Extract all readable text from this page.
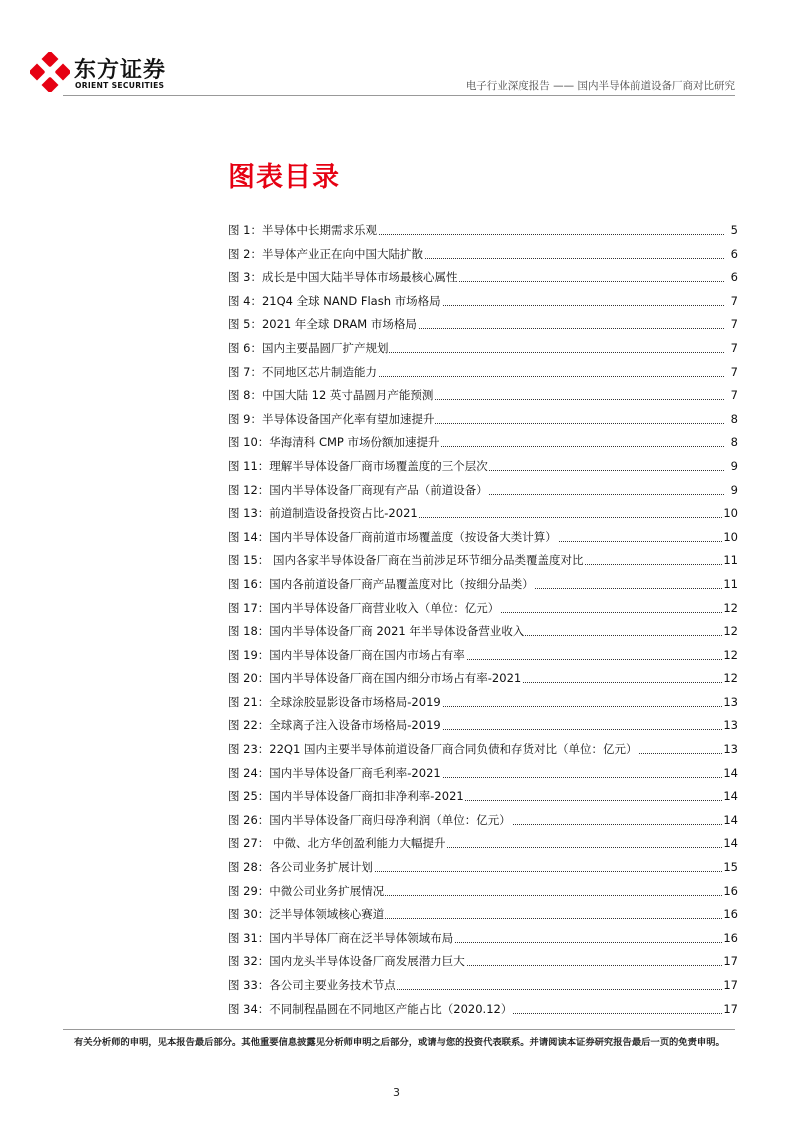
东方证券
ORIENT SECURITIES	电子行业深度报告 —— 国内半导体前道设备厂商对比研究
图表目录
图 1：半导体中长期需求乐观	5
图 2：半导体产业正在向中国大陆扩散	6
图 3：成长是中国大陆半导体市场最核心属性	6
图 4：21Q4 全球 NAND Flash 市场格局	7
图 5：2021 年全球 DRAM 市场格局	7
图 6：国内主要晶圆厂扩产规划	7
图 7：不同地区芯片制造能力	7
图 8：中国大陆 12 英寸晶圆月产能预测	7
图 9：半导体设备国产化率有望加速提升	8
图 10：华海清科 CMP 市场份额加速提升	8
图 11：理解半导体设备厂商市场覆盖度的三个层次	9
图 12：国内半导体设备厂商现有产品（前道设备）	9
图 13：前道制造设备投资占比-2021	10
图 14：国内半导体设备厂商前道市场覆盖度（按设备大类计算）	10
图 15： 国内各家半导体设备厂商在当前涉足环节细分品类覆盖度对比	11
图 16：国内各前道设备厂商产品覆盖度对比（按细分品类）	11
图 17：国内半导体设备厂商营业收入（单位：亿元）	12
图 18：国内半导体设备厂商 2021 年半导体设备营业收入	12
图 19：国内半导体设备厂商在国内市场占有率	12
图 20：国内半导体设备厂商在国内细分市场占有率-2021	12
图 21：全球涂胶显影设备市场格局-2019	13
图 22：全球离子注入设备市场格局-2019	13
图 23：22Q1 国内主要半导体前道设备厂商合同负债和存货对比（单位：亿元）	13
图 24：国内半导体设备厂商毛利率-2021	14
图 25：国内半导体设备厂商扣非净利率-2021	14
图 26：国内半导体设备厂商归母净利润（单位：亿元）	14
图 27： 中微、北方华创盈利能力大幅提升	14
图 28：各公司业务扩展计划	15
图 29：中微公司业务扩展情况	16
图 30：泛半导体领域核心赛道	16
图 31：国内半导体厂商在泛半导体领域布局	16
图 32：国内龙头半导体设备厂商发展潜力巨大	17
图 33：各公司主要业务技术节点	17
图 34：不同制程晶圆在不同地区产能占比（2020.12）	17
有关分析师的申明，见本报告最后部分。其他重要信息披露见分析师申明之后部分，或请与您的投资代表联系。并请阅读本证券研究报告最后一页的免责申明。
3
